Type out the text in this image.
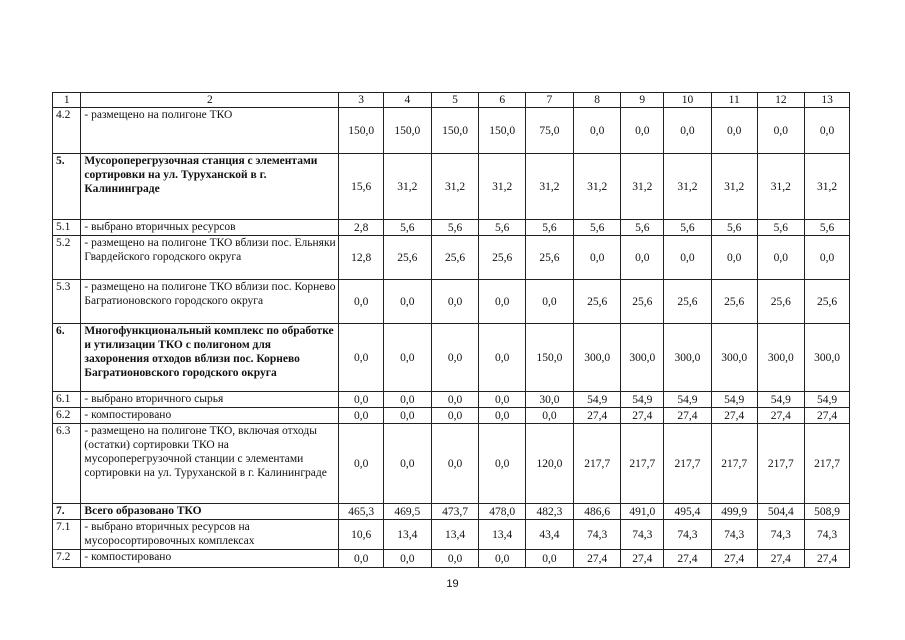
1	2	3	4	5	6	7	8	9	10	11	12	13
4.2	- размещено на полигоне ТКО	150,0	150,0	150,0	150,0	75,0	0,0	0,0	0,0	0,0	0,0	0,0
5.	Мусороперегрузочная станция с элементами сортировки на ул. Туруханской в г. Калининграде	15,6	31,2	31,2	31,2	31,2	31,2	31,2	31,2	31,2	31,2	31,2
5.1	- выбрано вторичных ресурсов	2,8	5,6	5,6	5,6	5,6	5,6	5,6	5,6	5,6	5,6	5,6
5.2	- размещено на полигоне ТКО вблизи пос. Ельняки Гвардейского городского округа	12,8	25,6	25,6	25,6	25,6	0,0	0,0	0,0	0,0	0,0	0,0
5.3	- размещено на полигоне ТКО вблизи пос. Корнево Багратионовского городского округа	0,0	0,0	0,0	0,0	0,0	25,6	25,6	25,6	25,6	25,6	25,6
6.	Многофункциональный комплекс по обработке и утилизации ТКО с полигоном для захоронения отходов вблизи пос. Корнево Багратионовского городского округа	0,0	0,0	0,0	0,0	150,0	300,0	300,0	300,0	300,0	300,0	300,0
6.1	- выбрано вторичного сырья	0,0	0,0	0,0	0,0	30,0	54,9	54,9	54,9	54,9	54,9	54,9
6.2	- компостировано	0,0	0,0	0,0	0,0	0,0	27,4	27,4	27,4	27,4	27,4	27,4
6.3	- размещено на полигоне ТКО, включая отходы (остатки) сортировки ТКО на мусороперегрузочной станции с элементами сортировки на ул. Туруханской в г. Калининграде	0,0	0,0	0,0	0,0	120,0	217,7	217,7	217,7	217,7	217,7	217,7
7.	Всего образовано ТКО	465,3	469,5	473,7	478,0	482,3	486,6	491,0	495,4	499,9	504,4	508,9
7.1	- выбрано вторичных ресурсов на мусоросортировочных комплексах	10,6	13,4	13,4	13,4	43,4	74,3	74,3	74,3	74,3	74,3	74,3
7.2	- компостировано	0,0	0,0	0,0	0,0	0,0	27,4	27,4	27,4	27,4	27,4	27,4
19
